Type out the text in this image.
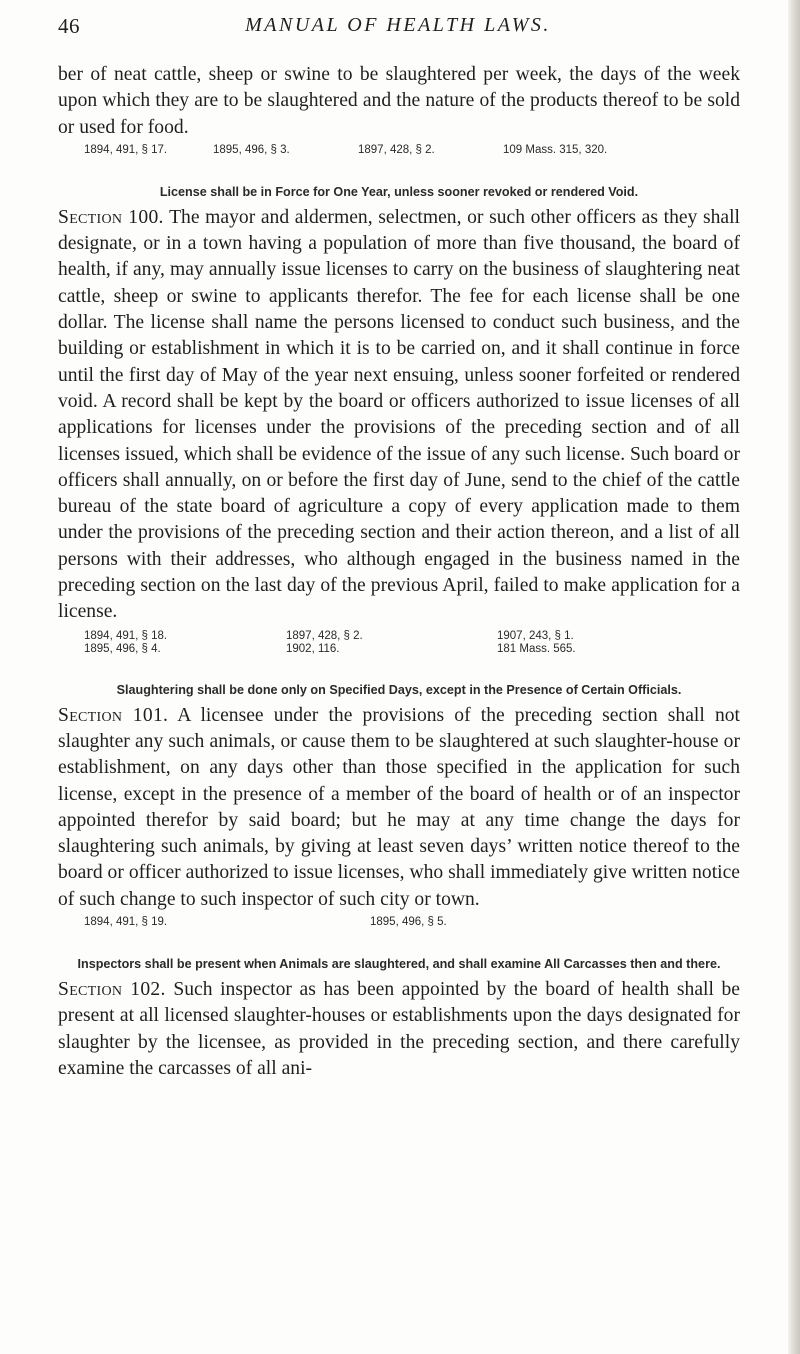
46	MANUAL OF HEALTH LAWS.

ber of neat cattle, sheep or swine to be slaughtered per week, the days of the week upon which they are to be slaughtered and the nature of the products thereof to be sold or used for food.

1894, 491, § 17.	1895, 496, § 3.	1897, 428, § 2.	109 Mass. 315, 320.
License shall be in Force for One Year, unless sooner revoked or rendered Void.

Section 100. The mayor and aldermen, selectmen, or such other officers as they shall designate, or in a town having a population of more than five thousand, the board of health, if any, may annually issue licenses to carry on the business of slaughtering neat cattle, sheep or swine to applicants therefor. The fee for each license shall be one dollar. The license shall name the persons licensed to conduct such business, and the building or establishment in which it is to be carried on, and it shall continue in force until the first day of May of the year next ensuing, unless sooner forfeited or rendered void. A record shall be kept by the board or officers authorized to issue licenses of all applications for licenses under the provisions of the preceding section and of all licenses issued, which shall be evidence of the issue of any such license. Such board or officers shall annually, on or before the first day of June, send to the chief of the cattle bureau of the state board of agriculture a copy of every application made to them under the provisions of the preceding section and their action thereon, and a list of all persons with their addresses, who although engaged in the business named in the preceding section on the last day of the previous April, failed to make application for a license.

1894, 491, § 18.	1897, 428, § 2.	1907, 243, § 1.
1895, 496, § 4.	1902, 116.	181 Mass. 565.
Slaughtering shall be done only on Specified Days, except in the Presence of Certain Officials.

Section 101. A licensee under the provisions of the preceding section shall not slaughter any such animals, or cause them to be slaughtered at such slaughter-house or establishment, on any days other than those specified in the application for such license, except in the presence of a member of the board of health or of an inspector appointed therefor by said board; but he may at any time change the days for slaughtering such animals, by giving at least seven days’ written notice thereof to the board or officer authorized to issue licenses, who shall immediately give written notice of such change to such inspector of such city or town.

1894, 491, § 19.	1895, 496, § 5.
Inspectors shall be present when Animals are slaughtered, and shall examine All Carcasses then and there.

Section 102. Such inspector as has been appointed by the board of health shall be present at all licensed slaughter-houses or establishments upon the days designated for slaughter by the licensee, as provided in the preceding section, and there carefully examine the carcasses of all ani-
